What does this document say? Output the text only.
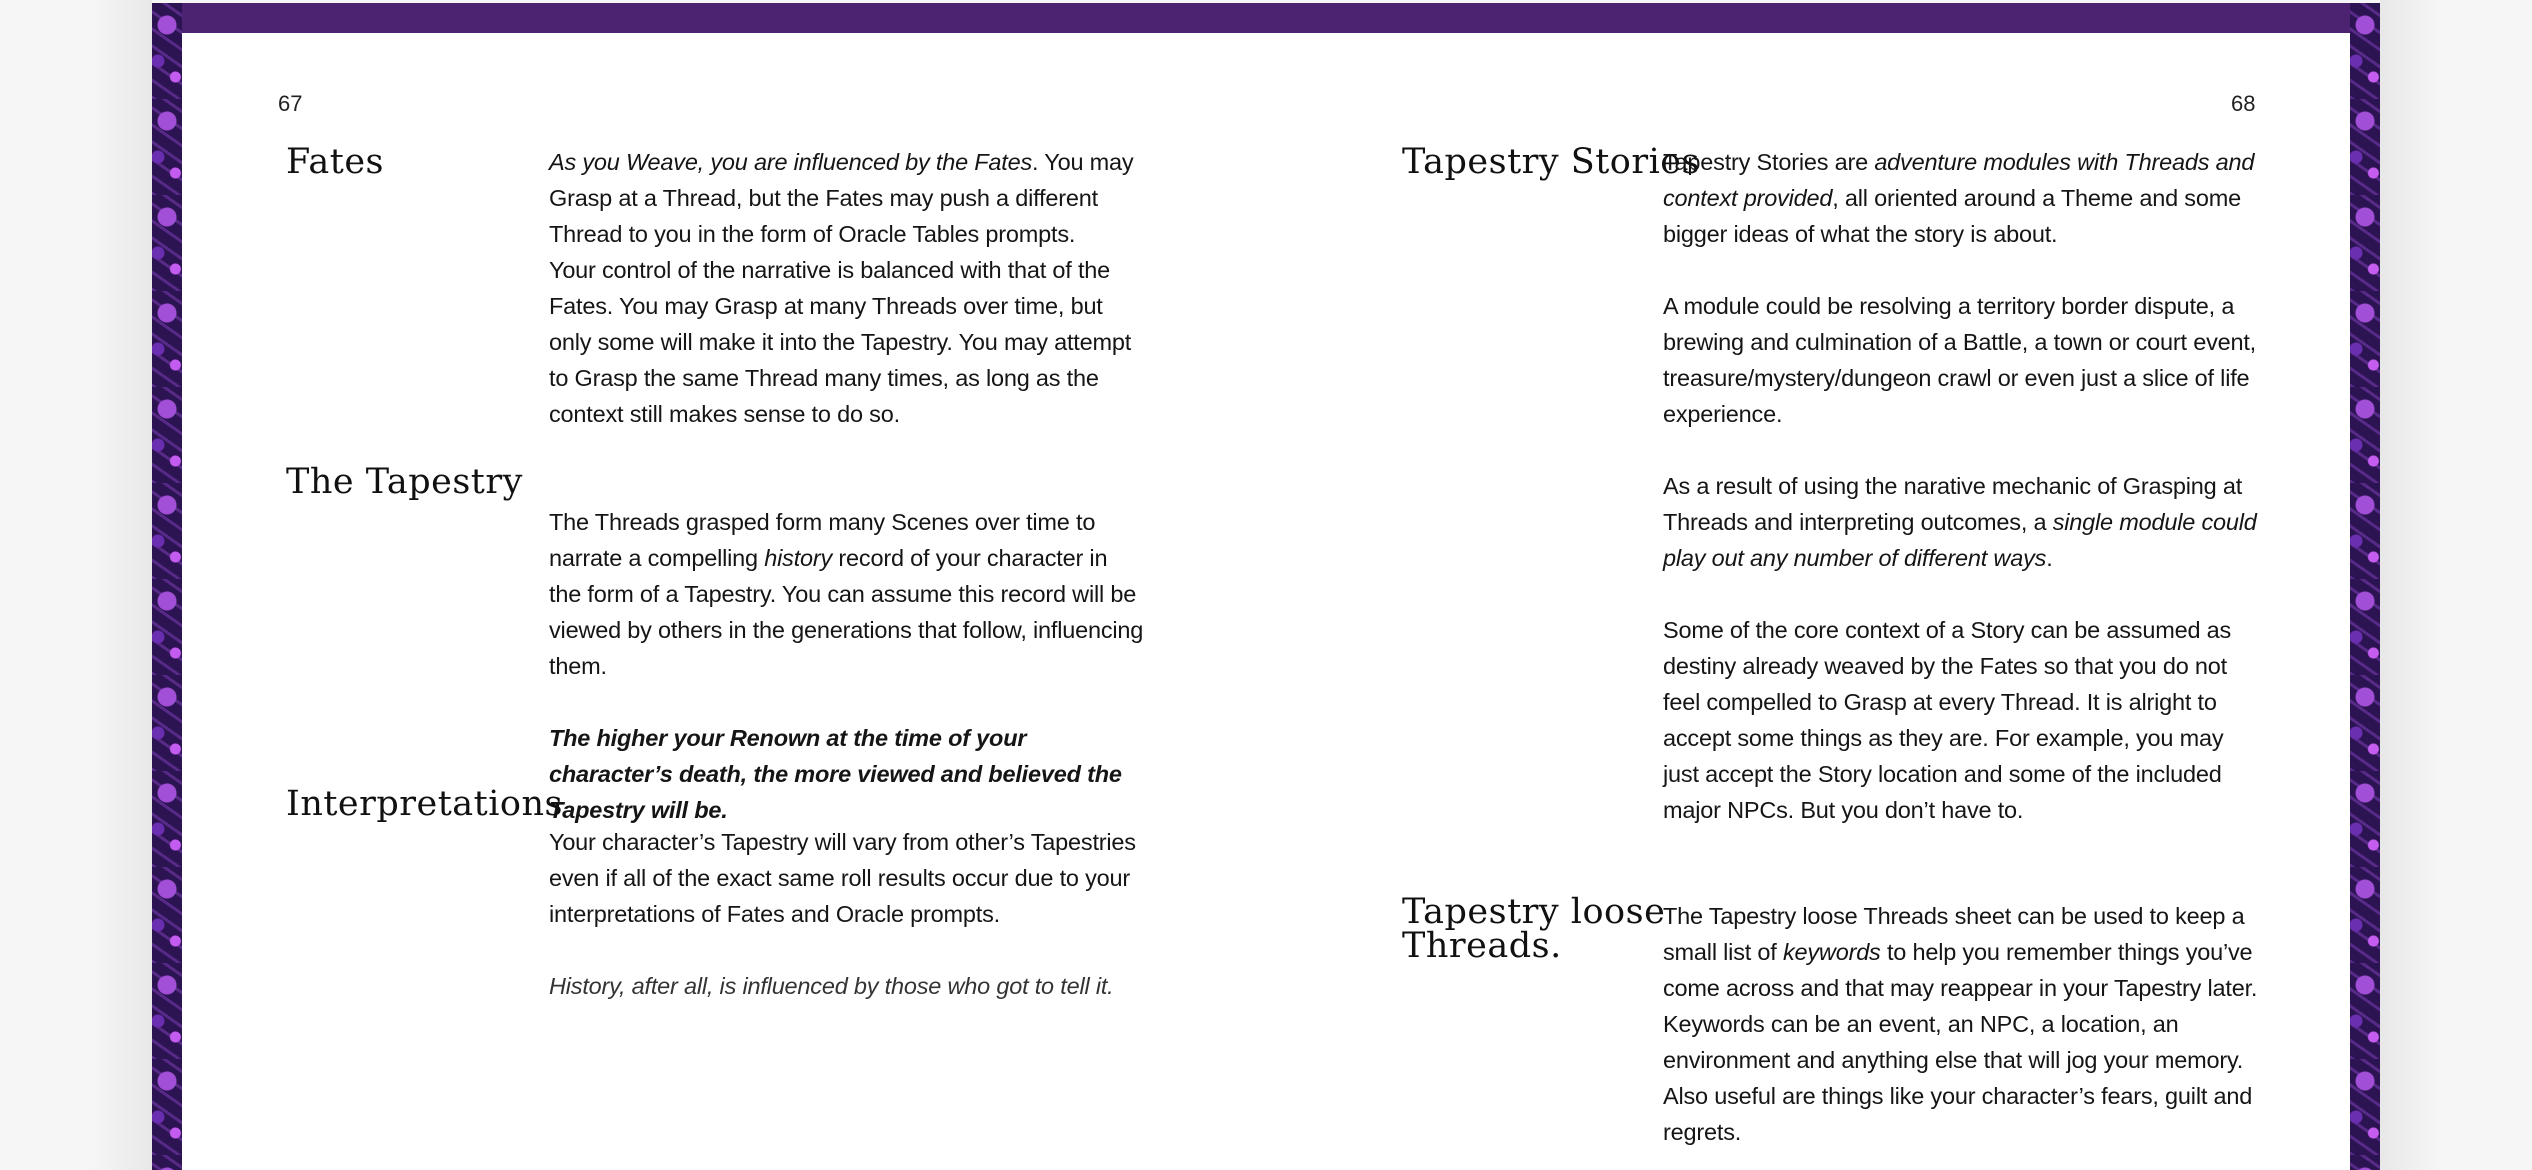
67
Fates	As you Weave, you are influenced by the Fates. You may Grasp at a Thread, but the Fates may push a different Thread to you in the form of Oracle Tables prompts.

Your control of the narrative is balanced with that of the Fates. You may Grasp at many Threads over time, but only some will make it into the Tapestry. You may attempt to Grasp the same Thread many times, as long as the context still makes sense to do so.

The Tapestry

The Threads grasped form many Scenes over time to narrate a compelling history record of your character in the form of a Tapestry. You can assume this record will be viewed by others in the generations that follow, influencing them.

The higher your Renown at the time of your character’s death, the more viewed and believed the Tapestry will be.

Interpretations

Your character’s Tapestry will vary from other’s Tapestries even if all of the exact same roll results occur due to your interpretations of Fates and Oracle prompts.

History, after all, is influenced by those who got to tell it.

68
Tapestry Stories

Tapestry Stories are adventure modules with Threads and context provided, all oriented around a Theme and some bigger ideas of what the story is about.

A module could be resolving a territory border dispute, a brewing and culmination of a Battle, a town or court event, treasure/mystery/dungeon crawl or even just a slice of life experience.

As a result of using the narative mechanic of Grasping at Threads and interpreting outcomes, a single module could play out any number of different ways.

Some of the core context of a Story can be assumed as destiny already weaved by the Fates so that you do not feel compelled to Grasp at every Thread. It is alright to accept some things as they are. For example, you may just accept the Story location and some of the included major NPCs. But you don’t have to.

Tapestry loose
Threads.

The Tapestry loose Threads sheet can be used to keep a small list of keywords to help you remember things you’ve come across and that may reappear in your Tapestry later. Keywords can be an event, an NPC, a location, an environment and anything else that will jog your memory. Also useful are things like your character’s fears, guilt and regrets.
